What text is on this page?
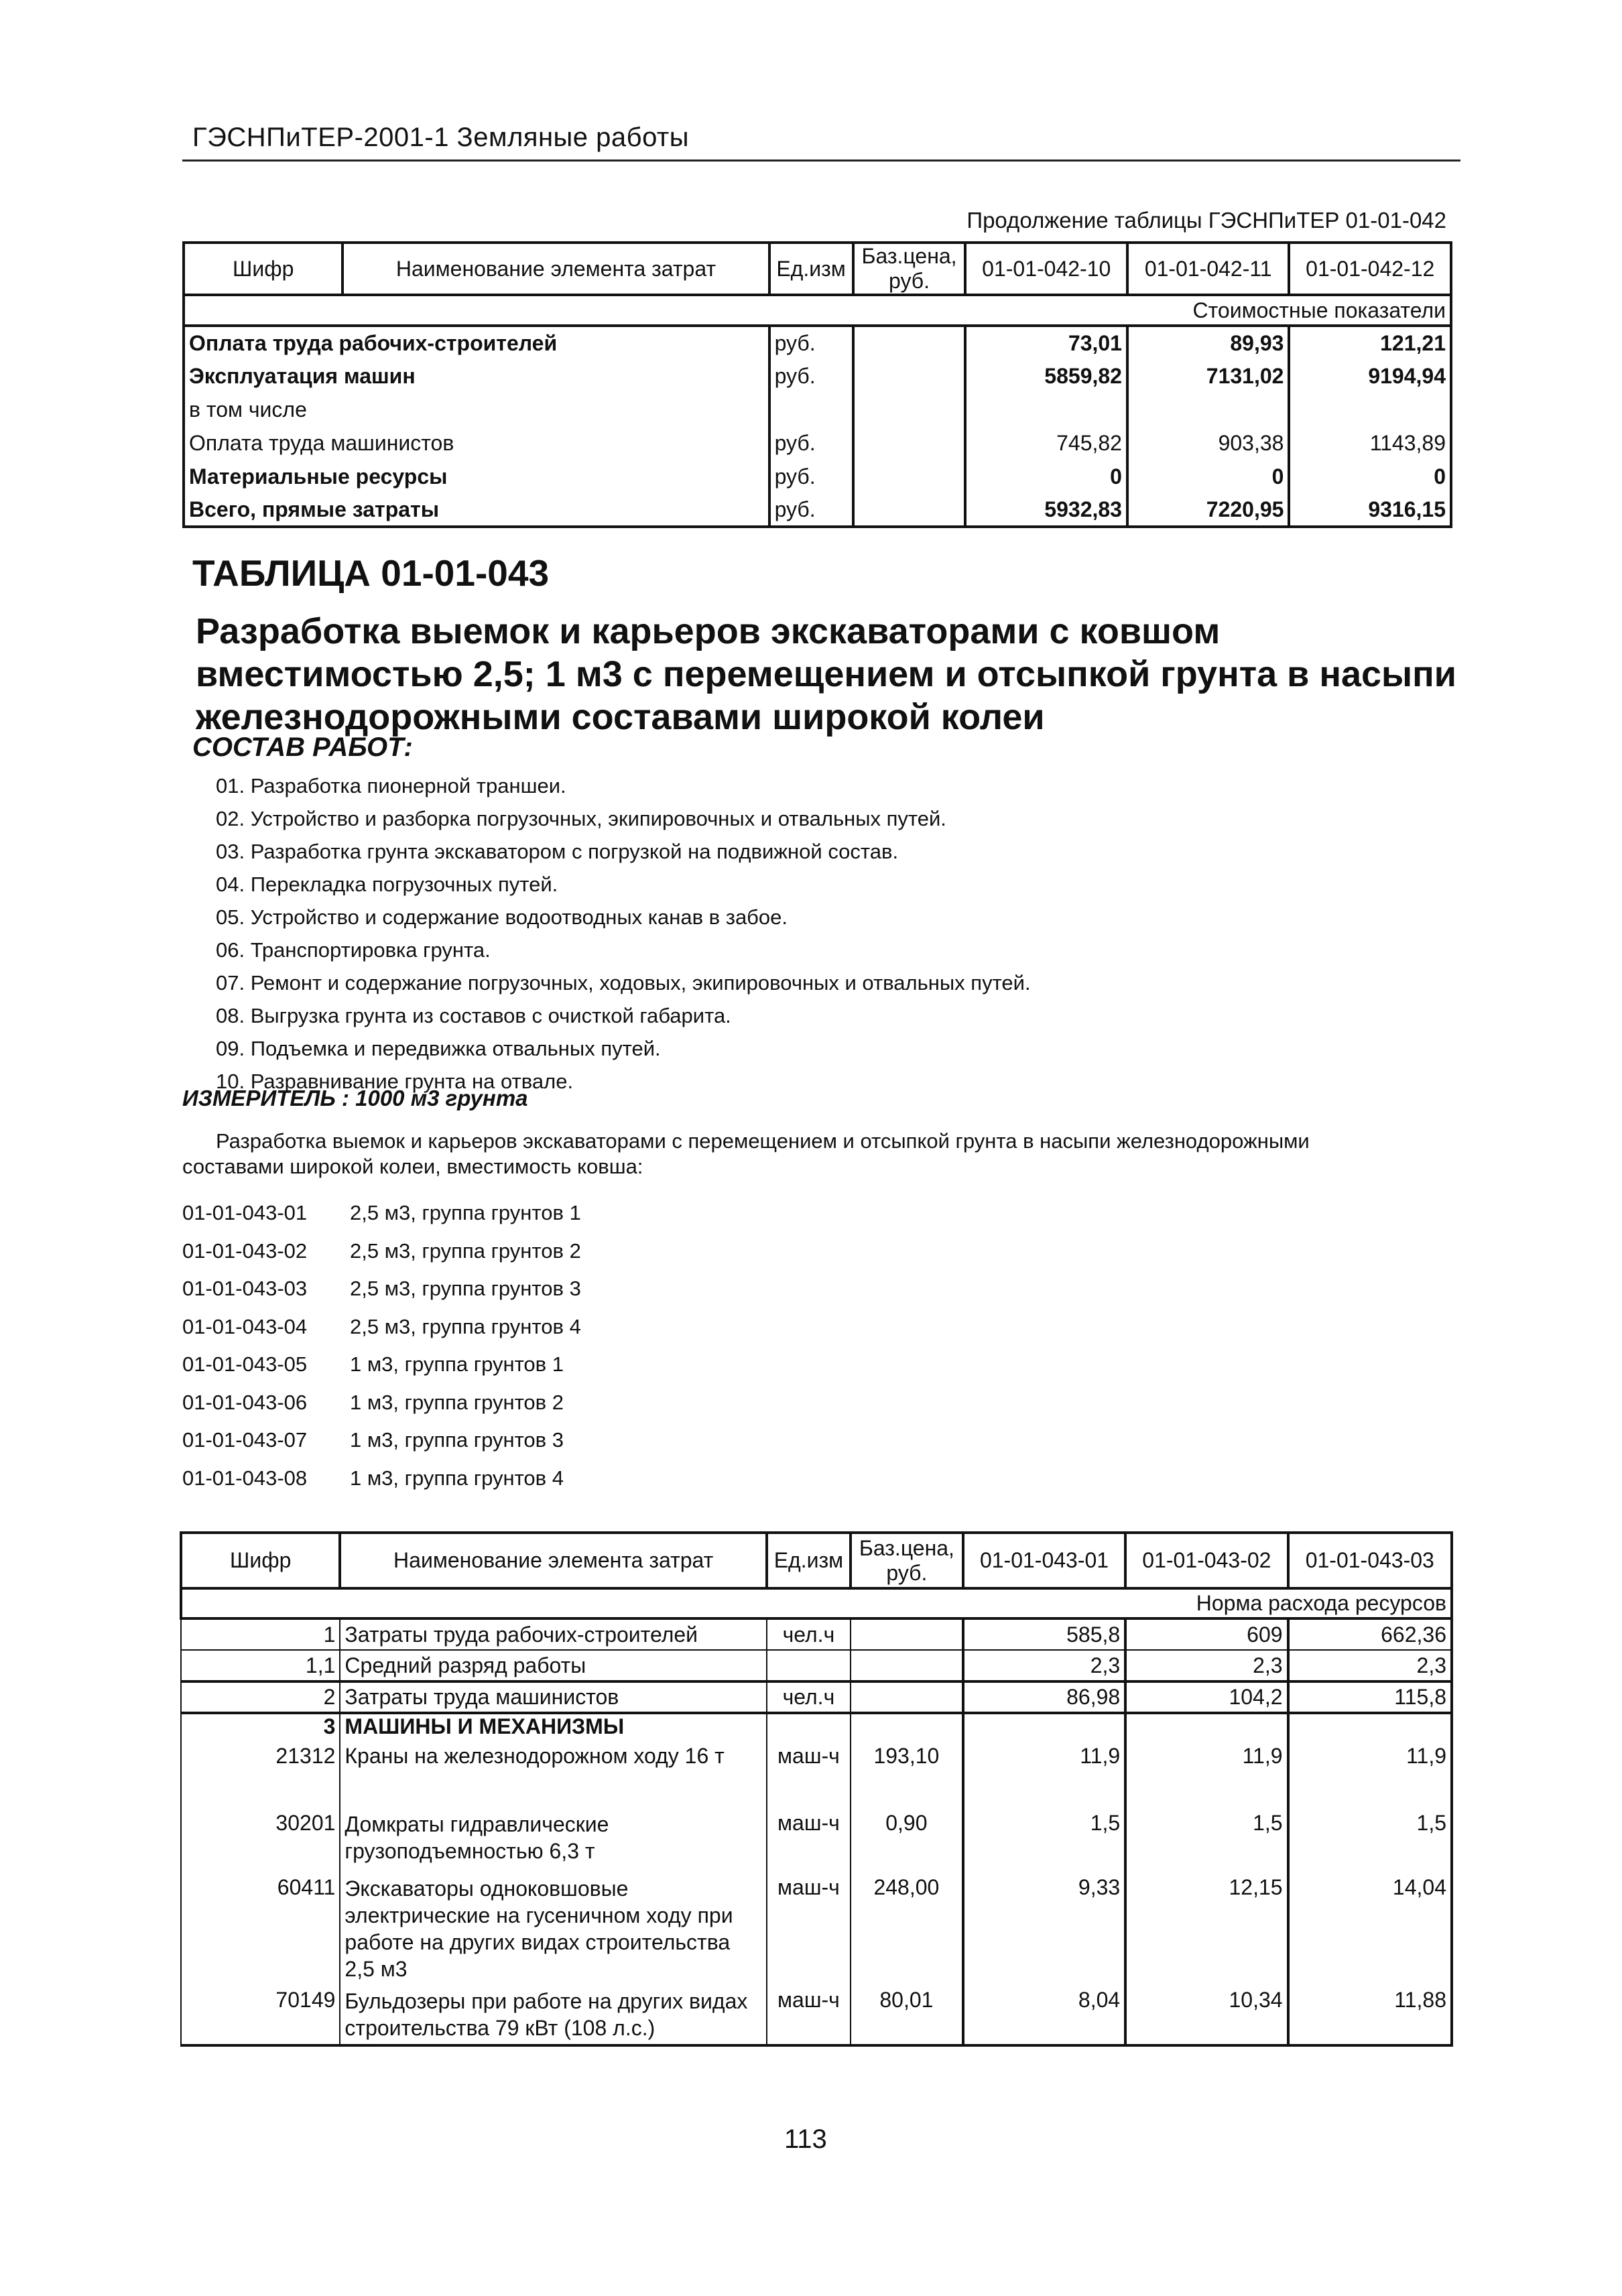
ГЭСНПиТЕР-2001-1 Земляные работы
Продолжение таблицы ГЭСНПиТЕР 01-01-042
Шифр	Наименование элемента затрат	Ед.изм	Баз.цена, руб.	01-01-042-10	01-01-042-11	01-01-042-12
Стоимостные показатели						
Оплата труда рабочих-строителей		руб.		73,01	89,93	121,21
Эксплуатация машин		руб.		5859,82	7131,02	9194,94
в том числе						
Оплата труда машинистов		руб.		745,82	903,38	1143,89
Материальные ресурсы		руб.		0	0	0
Всего, прямые затраты		руб.		5932,83	7220,95	9316,15
ТАБЛИЦА 01-01-043
Разработка выемок и карьеров экскаваторами с ковшом вместимостью 2,5; 1 м3 с перемещением и отсыпкой грунта в насыпи железнодорожными составами широкой колеи
СОСТАВ РАБОТ:
01. Разработка пионерной траншеи.
02. Устройство и разборка погрузочных, экипировочных и отвальных путей.
03. Разработка грунта экскаватором с погрузкой на подвижной состав.
04. Перекладка погрузочных путей.
05. Устройство и содержание водоотводных канав в забое.
06. Транспортировка грунта.
07. Ремонт и содержание погрузочных, ходовых, экипировочных и отвальных путей.
08. Выгрузка грунта из составов с очисткой габарита.
09. Подъемка и передвижка отвальных путей.
10. Разравнивание грунта на отвале.
ИЗМЕРИТЕЛЬ : 1000 м3 грунта
Разработка выемок и карьеров экскаваторами с перемещением и отсыпкой грунта в насыпи железнодорожными
составами широкой колеи, вместимость ковша:
01-01-043-01 2,5 м3, группа грунтов 1
01-01-043-02 2,5 м3, группа грунтов 2
01-01-043-03 2,5 м3, группа грунтов 3
01-01-043-04 2,5 м3, группа грунтов 4
01-01-043-05 1 м3, группа грунтов 1
01-01-043-06 1 м3, группа грунтов 2
01-01-043-07 1 м3, группа грунтов 3
01-01-043-08 1 м3, группа грунтов 4
Шифр	Наименование элемента затрат	Ед.изм	Баз.цена, руб.	01-01-043-01	01-01-043-02	01-01-043-03
Норма расхода ресурсов						
1	Затраты труда рабочих-строителей	чел.ч		585,8	609	662,36
1,1	Средний разряд работы			2,3	2,3	2,3
2	Затраты труда машинистов	чел.ч		86,98	104,2	115,8
3	МАШИНЫ И МЕХАНИЗМЫ					
21312	Краны на железнодорожном ходу 16 т	маш-ч	193,10	11,9	11,9	11,9
30201	Домкраты гидравлические грузоподъемностью 6,3 т	маш-ч	0,90	1,5	1,5	1,5
60411	Экскаваторы одноковшовые электрические на гусеничном ходу при работе на других видах строительства 2,5 м3	маш-ч	248,00	9,33	12,15	14,04
70149	Бульдозеры при работе на других видах строительства 79 кВт (108 л.с.)	маш-ч	80,01	8,04	10,34	11,88
113
